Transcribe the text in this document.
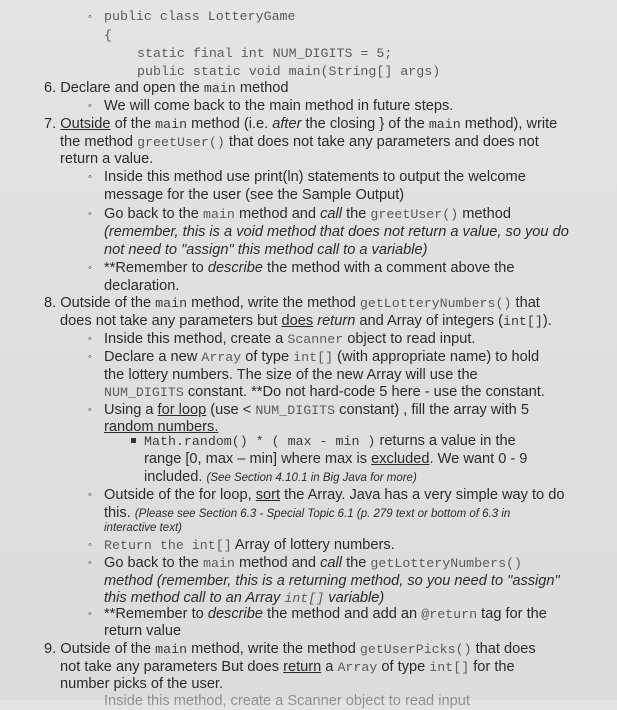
◦ public class LotteryGame
{
static final int NUM_DIGITS = 5;
public static void main(String[] args)
6. Declare and open the main method
◦ We will come back to the main method in future steps.
7. Outside of the main method (i.e. after the closing } of the main method), write
the method greetUser() that does not take any parameters and does not
return a value.
◦ Inside this method use print(ln) statements to output the welcome
message for the user (see the Sample Output)
◦ Go back to the main method and call the greetUser() method
(remember, this is a void method that does not return a value, so you do
not need to "assign" this method call to a variable)
◦ **Remember to describe the method with a comment above the
declaration.
8. Outside of the main method, write the method getLotteryNumbers() that
does not take any parameters but does return and Array of integers (int[]).
◦ Inside this method, create a Scanner object to read input.
◦ Declare a new Array of type int[] (with appropriate name) to hold
the lottery numbers. The size of the new Array will use the
NUM_DIGITS constant. **Do not hard-code 5 here - use the constant.
◦ Using a for loop (use < NUM_DIGITS constant) , fill the array with 5
random numbers.
Math.random() * ( max - min ) returns a value in the
range [0, max – min] where max is excluded. We want 0 - 9
included. (See Section 4.10.1 in Big Java for more)
◦ Outside of the for loop, sort the Array. Java has a very simple way to do
this. (Please see Section 6.3 - Special Topic 6.1 (p. 279 text or bottom of 6.3 in
interactive text)
◦ Return the int[] Array of lottery numbers.
◦ Go back to the main method and call the getLotteryNumbers()
method (remember, this is a returning method, so you need to "assign"
this method call to an Array int[] variable)
◦ **Remember to describe the method and add an @return tag for the
return value
9. Outside of the main method, write the method getUserPicks() that does
not take any parameters But does return a Array of type int[] for the
number picks of the user.
Inside this method, create a Scanner object to read input
